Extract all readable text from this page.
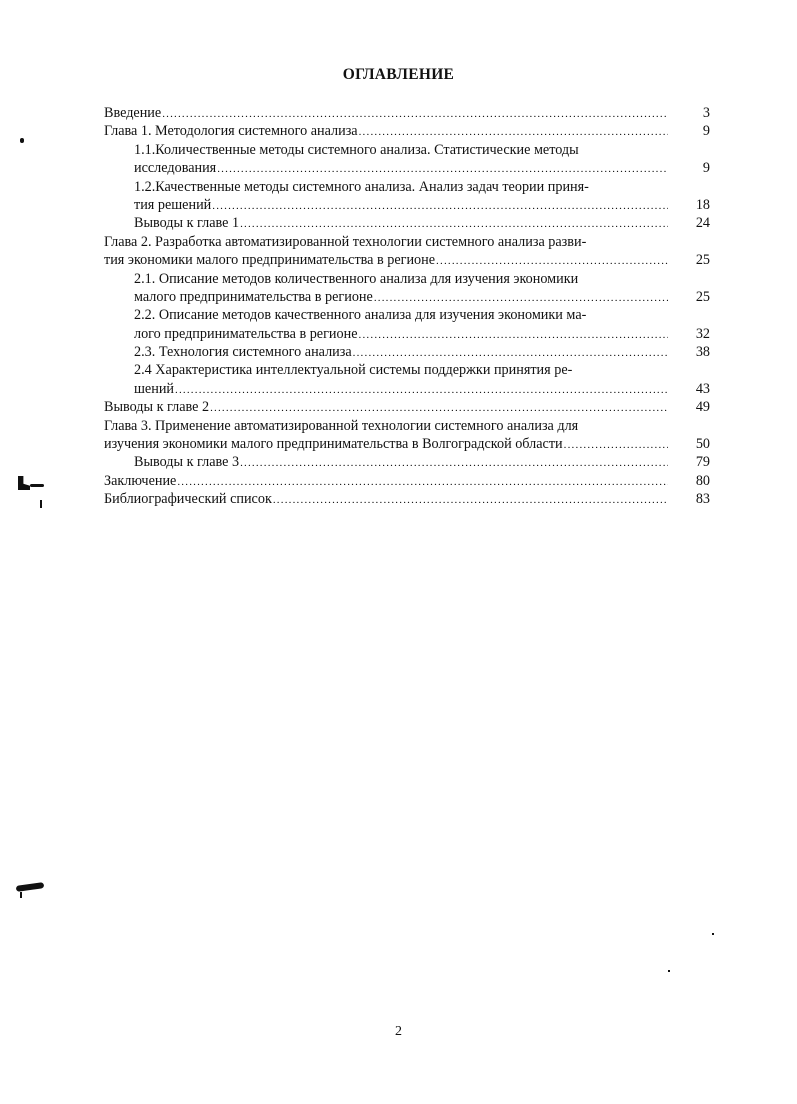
ОГЛАВЛЕНИЕ
Введение .....	3
Глава 1. Методология системного анализа .....	9
1.1.Количественные методы системного анализа. Статистические методы
исследования .....	9
1.2.Качественные методы системного анализа. Анализ задач теории приня-
тия решений .....	18
Выводы к главе 1 .....	24
Глава 2. Разработка автоматизированной технологии системного анализа разви-
тия экономики малого предпринимательства в регионе .....	25
2.1. Описание методов количественного анализа для изучения экономики
малого предпринимательства в регионе .....	25
2.2. Описание методов качественного анализа для изучения экономики ма-
лого предпринимательства в регионе .....	32
2.3. Технология системного анализа .....	38
2.4 Характеристика интеллектуальной системы поддержки принятия ре-
шений .....	43
Выводы к главе 2 .....	49
Глава 3. Применение автоматизированной технологии системного анализа для
изучения экономики малого предпринимательства в Волгоградской области .....	50
Выводы к главе 3 .....	79
Заключение .....	80
Библиографический список .....	83
2
